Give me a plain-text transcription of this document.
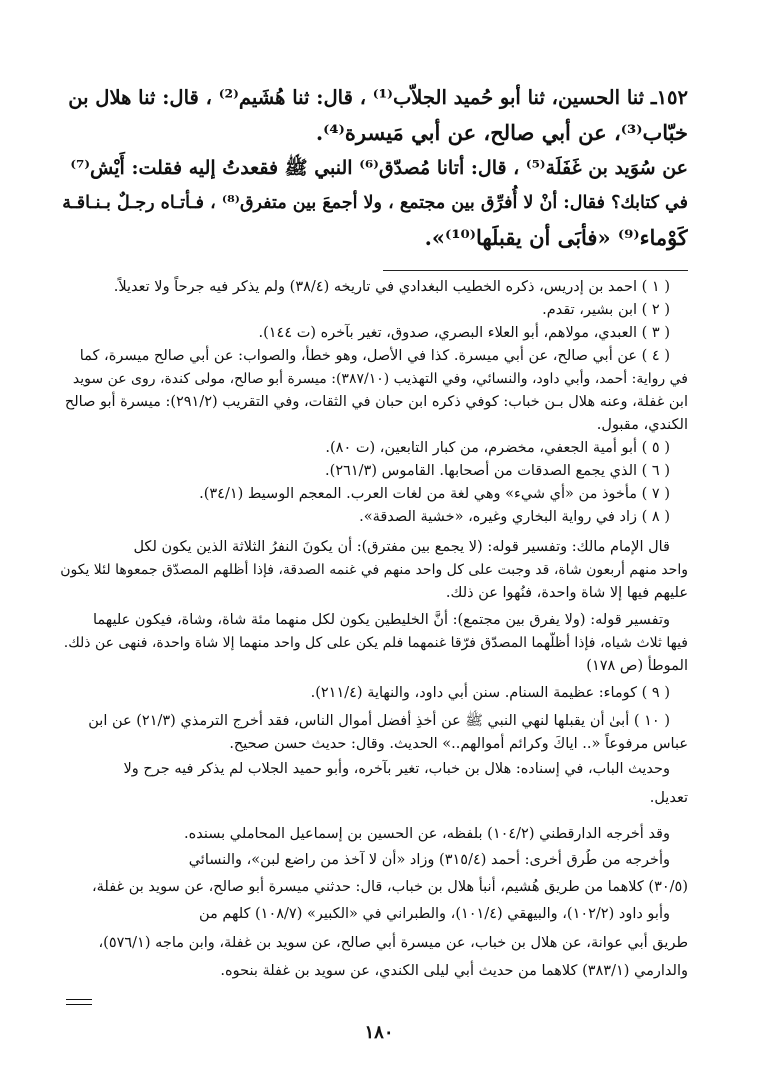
١٥٢ـ ثنا الحسين، ثنا أبو حُميد الجلاّب⁽¹⁾ ، قال: ثنا هُشَيم⁽²⁾ ، قال: ثنا هلال بن
خبّاب⁽³⁾، عن أبي صالح، عن أبي مَيسرة⁽⁴⁾.
عن سُوَيد بن غَفَلَة⁽⁵⁾ ، قال: أتانا مُصدّق⁽⁶⁾ النبي ﷺ فقعدتُ إليه فقلت: أَيْش⁽⁷⁾
في كتابك؟ فقال: أنْ لا أُفرِّق بين مجتمع ، ولا أجمعَ بين متفرق⁽⁸⁾ ، فـأتـاه رجـلٌ بـنـاقـة
كَوْماء⁽⁹⁾ «فأبَى أن يقبلَها⁽¹⁰⁾».
( ١ ) احمد بن إدريس، ذكره الخطيب البغدادي في تاريخه (٣٨/٤) ولم يذكر فيه جرحاً ولا تعديلاً.
( ٢ ) ابن بشير، تقدم.
( ٣ ) العبدي، مولاهم، أبو العلاء البصري، صدوق، تغير بآخره (ت ١٤٤).
( ٤ ) عن أبي صالح، عن أبي ميسرة. كذا في الأصل، وهو خطأ، والصواب: عن أبي صالح ميسرة، كما
في رواية: أحمد، وأبي داود، والنسائي، وفي التهذيب (٣٨٧/١٠): ميسرة أبو صالح، مولى كندة، روى عن سويد
ابن غفلة، وعنه هلال بـن خباب: كوفي ذكره ابن حبان في الثقات، وفي التقريب (٢٩١/٢): ميسرة أبو صالح
الكندي، مقبول.
( ٥ ) أبو أمية الجعفي، مخضرم، من كبار التابعين، (ت ٨٠).
( ٦ ) الذي يجمع الصدقات من أصحابها. القاموس (٢٦١/٣).
( ٧ ) مأخوذ من «أي شيء» وهي لغة من لغات العرب. المعجم الوسيط (٣٤/١).
( ٨ ) زاد في رواية البخاري وغيره، «خشية الصدقة».
قال الإمام مالك: وتفسير قوله: (لا يجمع بين مفترق): أن يكونَ النفرُ الثلاثة الذين يكون لكل
واحد منهم أربعون شاة، قد وجبت على كل واحد منهم في غنمه الصدقة، فإذا أظلهم المصدّق جمعوها لئلا يكون
عليهم فيها إلا شاة واحدة، فنُهوا عن ذلك.
وتفسير قوله: (ولا يفرق بين مجتمع): أنَّ الخليطين يكون لكل منهما مئة شاة، وشاة، فيكون عليهما
فيها ثلاث شياه، فإذا أظلّهما المصدّق فرّقا غنمهما فلم يكن على كل واحد منهما إلا شاة واحدة، فنهى عن ذلك.
الموطأ (ص ١٧٨)
( ٩ ) كوماء: عظيمة السنام. سنن أبي داود، والنهاية (٢١١/٤).
( ١٠ ) أبىٰ أن يقبلها لنهي النبي ﷺ عن أخذِ أفضل أموال الناس، فقد أخرج الترمذي (٢١/٣) عن ابن
عباس مرفوعاً «.. اياكَ وكرائم أموالهم..» الحديث. وقال: حديث حسن صحيح.
وحديث الباب، في إسناده: هلال بن خباب، تغير بآخره، وأبو حميد الجلاب لم يذكر فيه جرح ولا
تعديل.
وقد أخرجه الدارقطني (١٠٤/٢) بلفظه، عن الحسين بن إسماعيل المحاملي بسنده.
وأخرجه من طُرق أخرى: أحمد (٣١٥/٤) وزاد «أن لا آخذ من راضع لبن»، والنسائي
(٣٠/٥) كلاهما من طريق هُشيم، أنبأ هلال بن خباب، قال: حدثني ميسرة أبو صالح، عن سويد بن غفلة،
وأبو داود (١٠٢/٢)، والبيهقي (١٠١/٤)، والطبراني في «الكبير» (١٠٨/٧) كلهم من
طريق أبي عوانة، عن هلال بن خباب، عن ميسرة أبي صالح، عن سويد بن غفلة، وابن ماجه (٥٧٦/١)،
والدارمي (٣٨٣/١) كلاهما من حديث أبي ليلى الكندي، عن سويد بن غفلة بنحوه.
١٨٠
